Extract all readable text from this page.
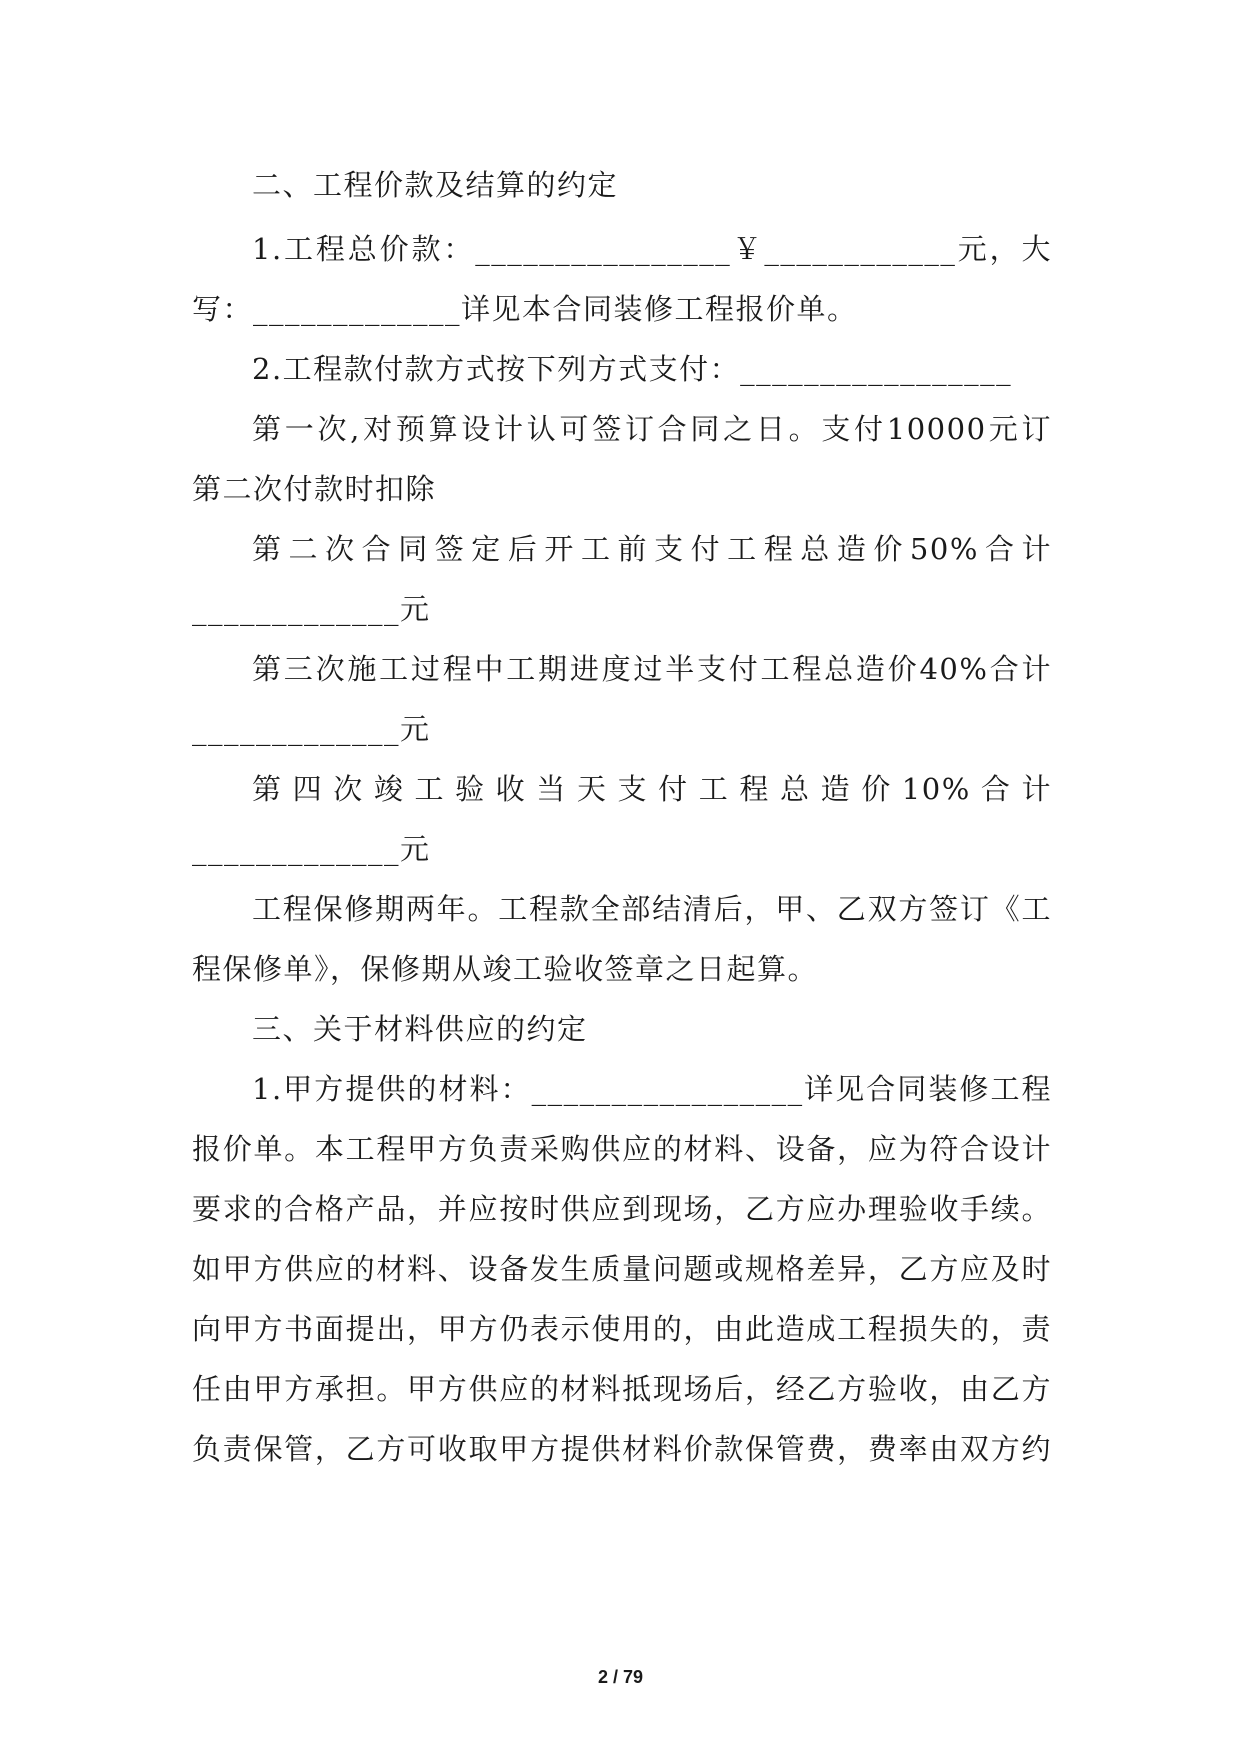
二、工程价款及结算的约定
1.工程总价款：________________￥____________元，大
写：_____________详见本合同装修工程报价单。
2.工程款付款方式按下列方式支付：_________________
第一次,对预算设计认可签订合同之日。支付10000元订
第二次付款时扣除
第二次合同签定后开工前支付工程总造价50%合计
_____________元
第三次施工过程中工期进度过半支付工程总造价40%合计
_____________元
第四次竣工验收当天支付工程总造价10%合计
_____________元
工程保修期两年。工程款全部结清后，甲、乙双方签订《工
程保修单》，保修期从竣工验收签章之日起算。
三、关于材料供应的约定
1.甲方提供的材料：_________________详见合同装修工程
报价单。本工程甲方负责采购供应的材料、设备，应为符合设计
要求的合格产品，并应按时供应到现场，乙方应办理验收手续。
如甲方供应的材料、设备发生质量问题或规格差异，乙方应及时
向甲方书面提出，甲方仍表示使用的，由此造成工程损失的，责
任由甲方承担。甲方供应的材料抵现场后，经乙方验收，由乙方
负责保管，乙方可收取甲方提供材料价款保管费，费率由双方约
2 / 79
